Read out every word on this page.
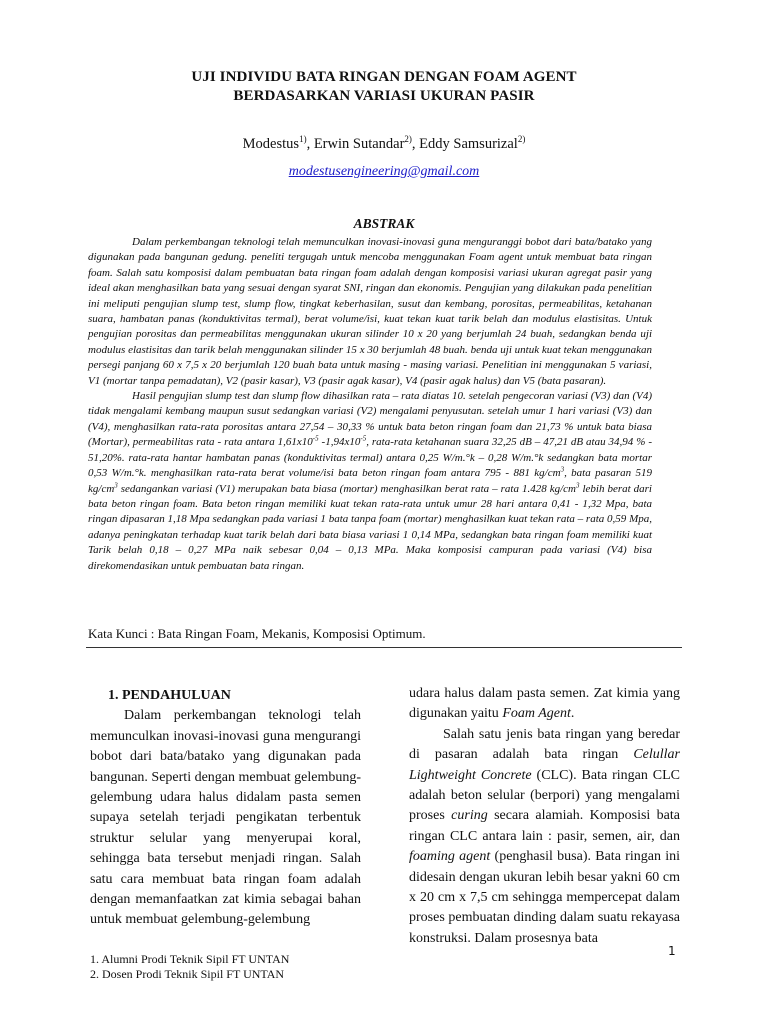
UJI INDIVIDU BATA RINGAN DENGAN FOAM AGENT
BERDASARKAN VARIASI UKURAN PASIR
Modestus$^{1)}$, Erwin Sutandar$^{2)}$, Eddy Samsurizal$^{2)}$
modestusengineering@gmail.com
ABSTRAK

Dalam perkembangan teknologi telah memunculkan inovasi-inovasi guna menguranggi bobot dari bata/batako yang digunakan pada bangunan gedung. peneliti tergugah untuk mencoba menggunakan Foam agent untuk membuat bata ringan foam. Salah satu komposisi dalam pembuatan bata ringan foam adalah dengan komposisi variasi ukuran agregat pasir yang ideal akan menghasilkan bata yang sesuai dengan syarat SNI, ringan dan ekonomis. Pengujian yang dilakukan pada penelitian ini meliputi pengujian slump test, slump flow, tingkat keberhasilan, susut dan kembang, porositas, permeabilitas, ketahanan suara, hambatan panas (konduktivitas termal), berat volume/isi, kuat tekan kuat tarik belah dan modulus elastisitas. Untuk pengujian porositas dan permeabilitas menggunakan ukuran silinder 10 x 20 yang berjumlah 24 buah, sedangkan benda uji modulus elastisitas dan tarik belah menggunakan silinder 15 x 30 berjumlah 48 buah. benda uji untuk kuat tekan menggunakan persegi panjang 60 x 7,5 x 20 berjumlah 120 buah bata untuk masing - masing variasi. Penelitian ini menggunakan 5 variasi, V1 (mortar tanpa pemadatan), V2 (pasir kasar), V3 (pasir agak kasar), V4 (pasir agak halus) dan V5 (bata pasaran).

Hasil pengujian slump test dan slump flow dihasilkan rata – rata diatas 10. setelah pengecoran variasi (V3) dan (V4) tidak mengalami kembang maupun susut sedangkan variasi (V2) mengalami penyusutan. setelah umur 1 hari variasi (V3) dan (V4), menghasilkan rata-rata porositas antara 27,54 – 30,33 % untuk bata beton ringan foam dan 21,73 % untuk bata biasa (Mortar), permeabilitas rata - rata antara $1,61x10^{-5}$ $-1,94x10^{-5}$, rata-rata ketahanan suara 32,25 dB – 47,21 dB atau 34,94 % - 51,20%. rata-rata hantar hambatan panas (konduktivitas termal) antara 0,25 W/m.°k – 0,28 W/m.°k sedangkan bata mortar 0,53 W/m.°k. menghasilkan rata-rata berat volume/isi bata beton ringan foam antara 795 - 881 $kg/cm^3$, bata pasaran 519 $kg/cm^3$ sedangankan variasi (V1) merupakan bata biasa (mortar) menghasilkan berat rata – rata 1.428 $kg/cm^3$ lebih berat dari bata beton ringan foam. Bata beton ringan memiliki kuat tekan rata-rata untuk umur 28 hari antara 0,41 - 1,32 Mpa, bata ringan dipasaran 1,18 Mpa sedangkan pada variasi 1 bata tanpa foam (mortar) menghasilkan kuat tekan rata – rata 0,59 Mpa, adanya peningkatan terhadap kuat tarik belah dari bata biasa variasi 1 0,14 MPa, sedangkan bata ringan foam memiliki kuat Tarik belah 0,18 – 0,27 MPa naik sebesar 0,04 – 0,13 MPa. Maka komposisi campuran pada variasi (V4) bisa direkomendasikan untuk pembuatan bata ringan.

Kata Kunci : Bata Ringan Foam, Mekanis, Komposisi Optimum.
1. PENDAHULUAN

Dalam perkembangan teknologi telah memunculkan inovasi-inovasi guna mengurangi bobot dari bata/batako yang digunakan pada bangunan. Seperti dengan membuat gelembung-gelembung udara halus didalam pasta semen supaya setelah terjadi pengikatan terbentuk struktur selular yang menyerupai koral, sehingga bata tersebut menjadi ringan. Salah satu cara membuat bata ringan foam adalah dengan memanfaatkan zat kimia sebagai bahan untuk membuat gelembung-gelembung

udara halus dalam pasta semen. Zat kimia yang digunakan yaitu Foam Agent.

Salah satu jenis bata ringan yang beredar di pasaran adalah bata ringan Celullar Lightweight Concrete (CLC). Bata ringan CLC adalah beton selular (berpori) yang mengalami proses curing secara alamiah. Komposisi bata ringan CLC antara lain : pasir, semen, air, dan foaming agent (penghasil busa). Bata ringan ini didesain dengan ukuran lebih besar yakni 60 cm x 20 cm x 7,5 cm sehingga mempercepat dalam proses pembuatan dinding dalam suatu rekayasa konstruksi. Dalam prosesnya bata

1
1. Alumni Prodi Teknik Sipil FT UNTAN
2. Dosen Prodi Teknik Sipil FT UNTAN
